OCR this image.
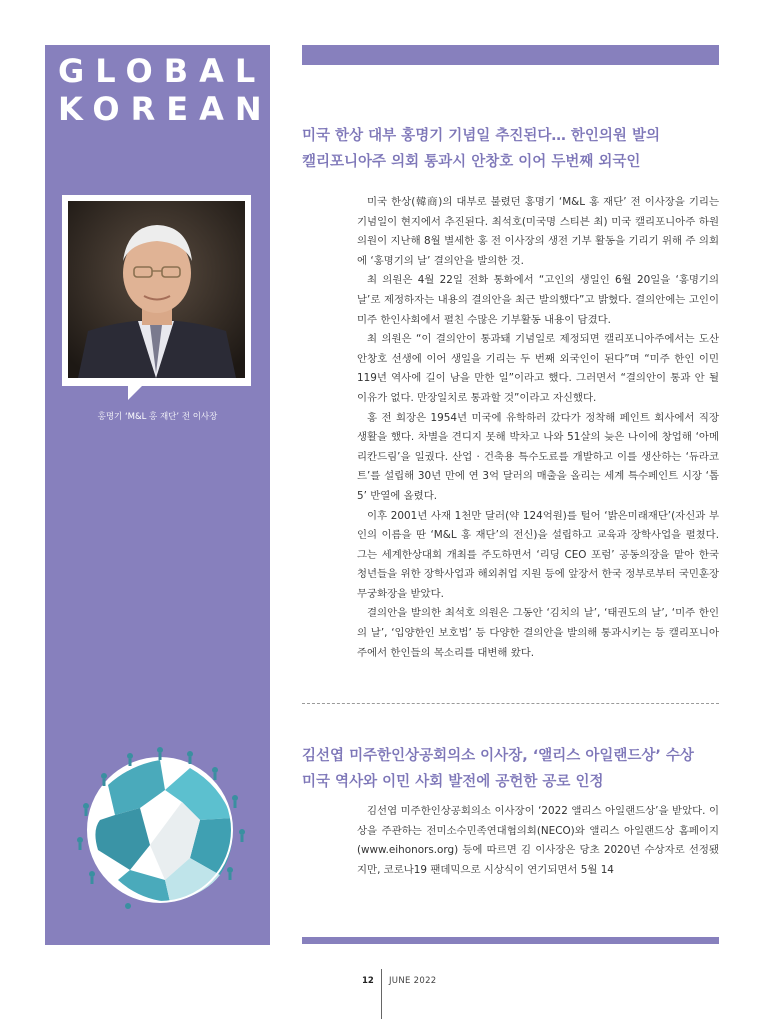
GLOBAL
KOREAN
홍명기 ‘M&L 홍 재단’ 전 이사장
미국 한상 대부 홍명기 기념일 추진된다… 한인의원 발의
캘리포니아주 의회 통과시 안창호 이어 두번째 외국인

미국 한상(韓商)의 대부로 불렸던 홍명기 ‘M&L 홍 재단’ 전 이사장을 기리는 기념일이 현지에서 추진된다. 최석호(미국명 스티븐 최) 미국 캘리포니아주 하원의원이 지난해 8월 별세한 홍 전 이사장의 생전 기부 활동을 기리기 위해 주 의회에 ‘홍명기의 날’ 결의안을 발의한 것.

최 의원은 4월 22일 전화 통화에서 “고인의 생일인 6월 20일을 ‘홍명기의 날’로 제정하자는 내용의 결의안을 최근 발의했다”고 밝혔다. 결의안에는 고인이 미주 한인사회에서 펼친 수많은 기부활동 내용이 담겼다.

최 의원은 “이 결의안이 통과돼 기념일로 제정되면 캘리포니아주에서는 도산 안창호 선생에 이어 생일을 기리는 두 번째 외국인이 된다”며 “미주 한인 이민 119년 역사에 길이 남을 만한 일”이라고 했다. 그러면서 “결의안이 통과 안 될 이유가 없다. 만장일치로 통과할 것”이라고 자신했다.

홍 전 회장은 1954년 미국에 유학하러 갔다가 정착해 페인트 회사에서 직장 생활을 했다. 차별을 견디지 못해 박차고 나와 51살의 늦은 나이에 창업해 ‘아메리칸드림’을 일궜다. 산업 · 건축용 특수도료를 개발하고 이를 생산하는 ‘듀라코트’를 설립해 30년 만에 연 3억 달러의 매출을 올리는 세계 특수페인트 시장 ‘톱 5’ 반열에 올렸다.

이후 2001년 사재 1천만 달러(약 124억원)를 털어 ‘밝은미래재단’(자신과 부인의 이름을 딴 ‘M&L 홍 재단’의 전신)을 설립하고 교육과 장학사업을 펼쳤다. 그는 세계한상대회 개최를 주도하면서 ‘리딩 CEO 포럼’ 공동의장을 맡아 한국 청년들을 위한 장학사업과 해외취업 지원 등에 앞장서 한국 정부로부터 국민훈장 무궁화장을 받았다.

결의안을 발의한 최석호 의원은 그동안 ‘김치의 날’, ‘태권도의 날’, ‘미주 한인의 날’, ‘입양한인 보호법’ 등 다양한 결의안을 발의해 통과시키는 등 캘리포니아주에서 한인들의 목소리를 대변해 왔다.

김선엽 미주한인상공회의소 이사장, ‘앨리스 아일랜드상’ 수상
미국 역사와 이민 사회 발전에 공헌한 공로 인정

김선엽 미주한인상공회의소 이사장이 ‘2022 앨리스 아일랜드상’을 받았다. 이 상을 주관하는 전미소수민족연대협의회(NECO)와 앨리스 아일랜드상 홈페이지(www.eihonors.org) 등에 따르면 김 이사장은 당초 2020년 수상자로 선정됐지만, 코로나19 팬데믹으로 시상식이 연기되면서 5월 14

12 JUNE 2022
